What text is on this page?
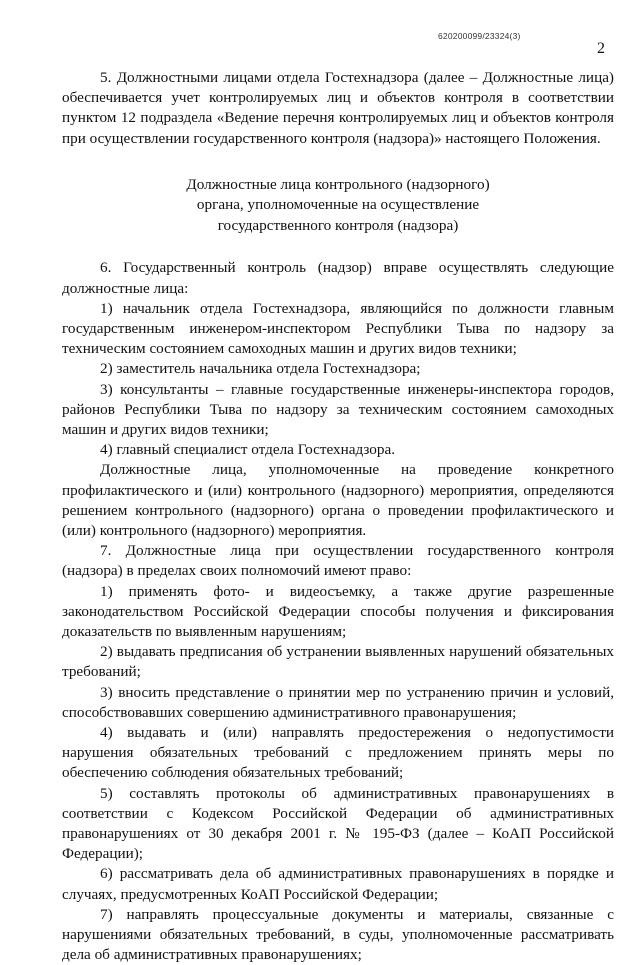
620200099/23324(3)
2

5. Должностными лицами отдела Гостехнадзора (далее – Должностные лица) обеспечивается учет контролируемых лиц и объектов контроля в соответствии пунктом 12 подраздела «Ведение перечня контролируемых лиц и объектов контроля при осуществлении государственного контроля (надзора)» настоящего Положения.

Должностные лица контрольного (надзорного)
органа, уполномоченные на осуществление
государственного контроля (надзора)

6. Государственный контроль (надзор) вправе осуществлять следующие должностные лица:

1) начальник отдела Гостехнадзора, являющийся по должности главным государственным инженером-инспектором Республики Тыва по надзору за техническим состоянием самоходных машин и других видов техники;

2) заместитель начальника отдела Гостехнадзора;

3) консультанты – главные государственные инженеры-инспектора городов, районов Республики Тыва по надзору за техническим состоянием самоходных машин и других видов техники;

4) главный специалист отдела Гостехнадзора.

Должностные лица, уполномоченные на проведение конкретного профилактического и (или) контрольного (надзорного) мероприятия, определяются решением контрольного (надзорного) органа о проведении профилактического и (или) контрольного (надзорного) мероприятия.

7. Должностные лица при осуществлении государственного контроля (надзора) в пределах своих полномочий имеют право:

1) применять фото- и видеосъемку, а также другие разрешенные законодательством Российской Федерации способы получения и фиксирования доказательств по выявленным нарушениям;

2) выдавать предписания об устранении выявленных нарушений обязательных требований;

3) вносить представление о принятии мер по устранению причин и условий, способствовавших совершению административного правонарушения;

4) выдавать и (или) направлять предостережения о недопустимости нарушения обязательных требований с предложением принять меры по обеспечению соблюдения обязательных требований;

5) составлять протоколы об административных правонарушениях в соответствии с Кодексом Российской Федерации об административных правонарушениях от 30 декабря 2001 г. № 195-ФЗ (далее – КоАП Российской Федерации);

6) рассматривать дела об административных правонарушениях в порядке и случаях, предусмотренных КоАП Российской Федерации;

7) направлять процессуальные документы и материалы, связанные с нарушениями обязательных требований, в суды, уполномоченные рассматривать дела об административных правонарушениях;
